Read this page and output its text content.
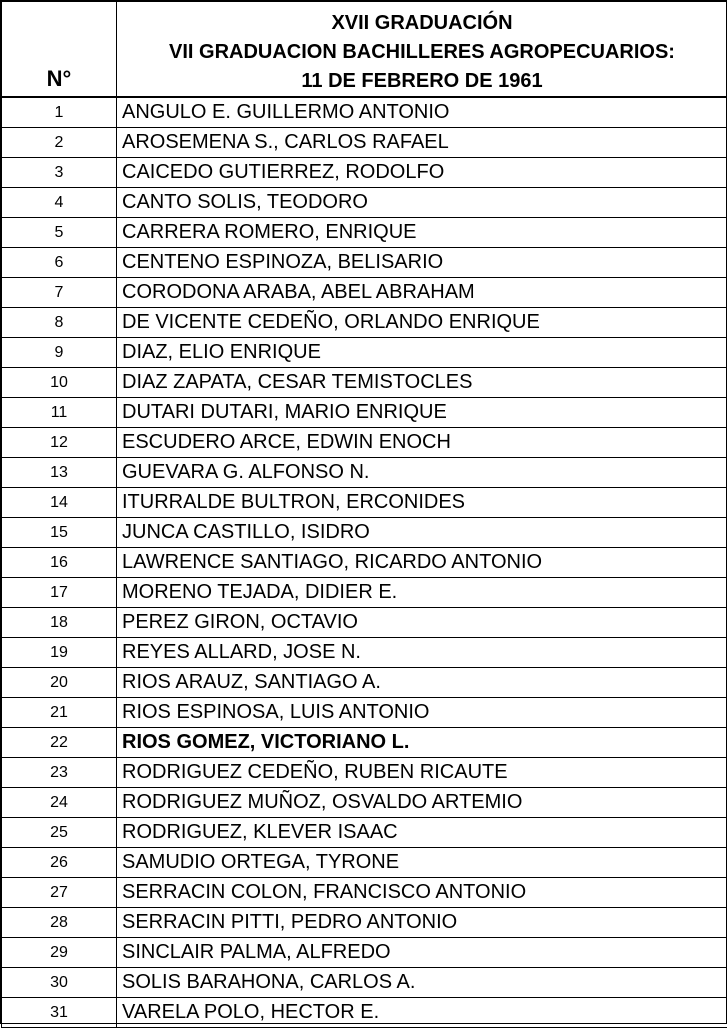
N°	XVII GRADUACIÓN
VII GRADUACION BACHILLERES AGROPECUARIOS:
11 DE FEBRERO DE 1961

1	ANGULO E. GUILLERMO ANTONIO
2	AROSEMENA S., CARLOS RAFAEL
3	CAICEDO GUTIERREZ, RODOLFO
4	CANTO SOLIS, TEODORO
5	CARRERA ROMERO, ENRIQUE
6	CENTENO ESPINOZA, BELISARIO
7	CORODONA ARABA, ABEL ABRAHAM
8	DE VICENTE CEDEÑO, ORLANDO ENRIQUE
9	DIAZ, ELIO ENRIQUE
10	DIAZ ZAPATA, CESAR TEMISTOCLES
11	DUTARI DUTARI, MARIO ENRIQUE
12	ESCUDERO ARCE, EDWIN ENOCH
13	GUEVARA G. ALFONSO N.
14	ITURRALDE BULTRON, ERCONIDES
15	JUNCA CASTILLO, ISIDRO
16	LAWRENCE SANTIAGO, RICARDO ANTONIO
17	MORENO TEJADA, DIDIER E.
18	PEREZ GIRON, OCTAVIO
19	REYES ALLARD, JOSE N.
20	RIOS ARAUZ, SANTIAGO A.
21	RIOS ESPINOSA, LUIS ANTONIO
22	RIOS GOMEZ, VICTORIANO L.
23	RODRIGUEZ CEDEÑO, RUBEN RICAUTE
24	RODRIGUEZ MUÑOZ, OSVALDO ARTEMIO
25	RODRIGUEZ, KLEVER ISAAC
26	SAMUDIO ORTEGA, TYRONE
27	SERRACIN COLON, FRANCISCO ANTONIO
28	SERRACIN PITTI, PEDRO ANTONIO
29	SINCLAIR PALMA, ALFREDO
30	SOLIS BARAHONA, CARLOS A.
31	VARELA POLO, HECTOR E.
